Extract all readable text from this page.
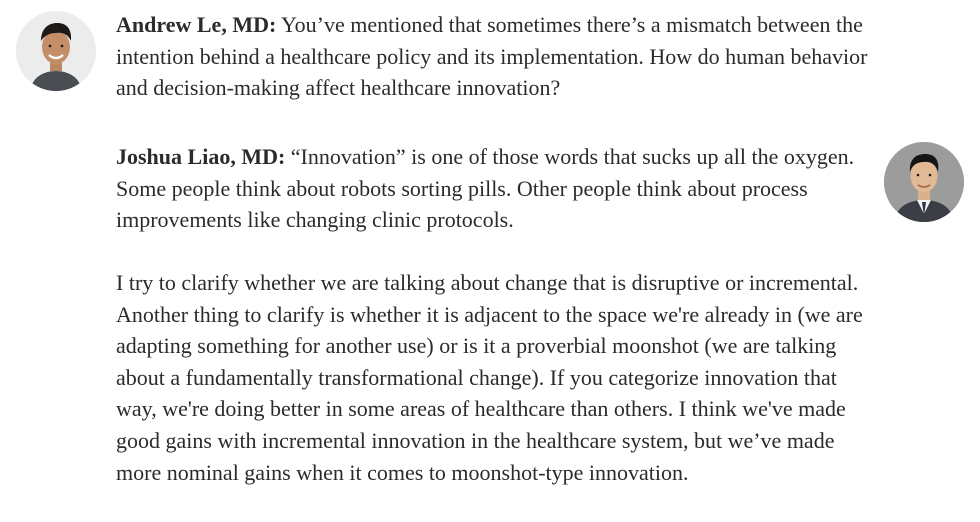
Andrew Le, MD: You’ve mentioned that sometimes there’s a mismatch between the intention behind a healthcare policy and its implementation. How do human behavior and decision-making affect healthcare innovation?

Joshua Liao, MD: “Innovation” is one of those words that sucks up all the oxygen. Some people think about robots sorting pills. Other people think about process improvements like changing clinic protocols.

I try to clarify whether we are talking about change that is disruptive or incremental. Another thing to clarify is whether it is adjacent to the space we're already in (we are adapting something for another use) or is it a proverbial moonshot (we are talking about a fundamentally transformational change). If you categorize innovation that way, we're doing better in some areas of healthcare than others. I think we've made good gains with incremental innovation in the healthcare system, but we’ve made more nominal gains when it comes to moonshot-type innovation.
